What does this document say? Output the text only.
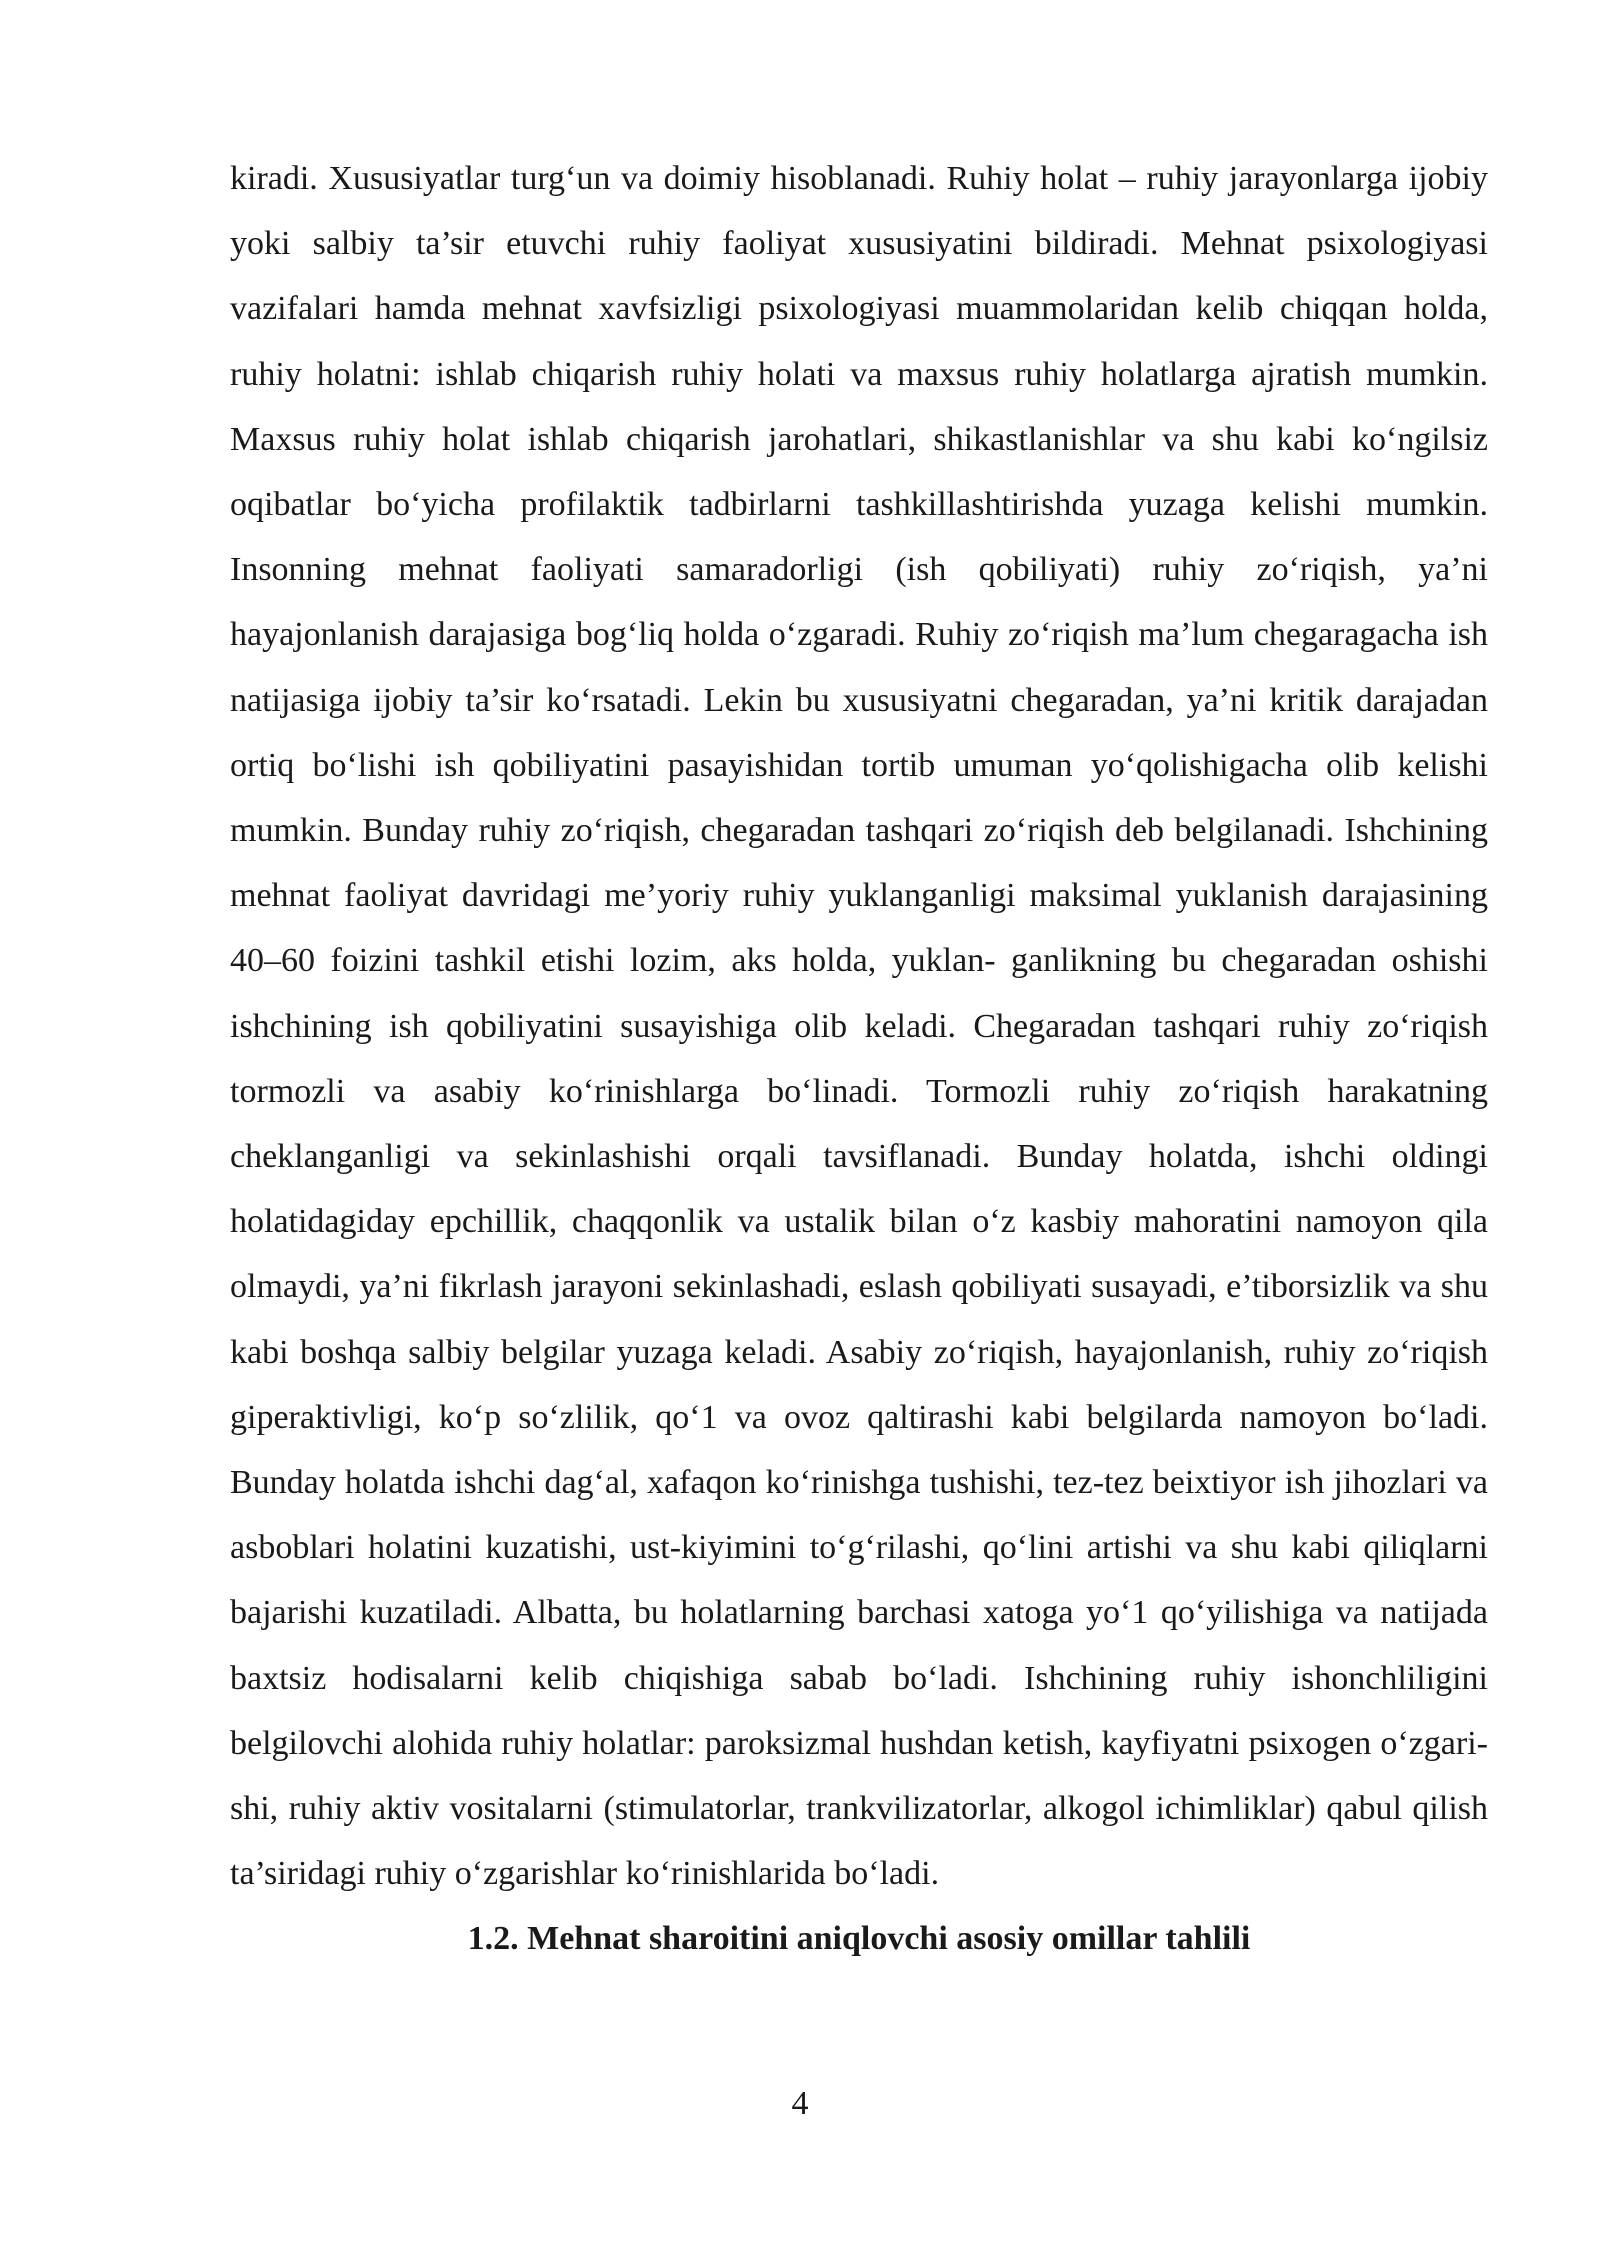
kiradi. Xususiyatlar turg‘un va doimiy hisoblanadi. Ruhiy holat – ruhiy jarayonlarga ijobiy yoki salbiy ta’sir etuvchi ruhiy faoliyat xususiyatini bildiradi. Mehnat psixologiyasi vazifalari hamda mehnat xavfsizligi psixologiyasi muammolaridan kelib chiqqan holda, ruhiy holatni: ishlab chiqarish ruhiy holati va maxsus ruhiy holatlarga ajratish mumkin. Maxsus ruhiy holat ishlab chiqarish jarohatlari, shikastlanishlar va shu kabi ko‘ngilsiz oqibatlar bo‘yicha profilaktik tadbirlarni tashkillashtirishda yuzaga kelishi mumkin. Insonning mehnat faoliyati samaradorligi (ish qobiliyati) ruhiy zo‘riqish, ya’ni hayajonlanish darajasiga bog‘liq holda o‘zgaradi. Ruhiy zo‘riqish ma’lum chegaragacha ish natijasiga ijobiy ta’sir ko‘rsatadi. Lekin bu xususiyatni chegaradan, ya’ni kritik darajadan ortiq bo‘lishi ish qobiliyatini pasayishidan tortib umuman yo‘qolishigacha olib kelishi mumkin. Bunday ruhiy zo‘riqish, chegaradan tashqari zo‘riqish deb belgilanadi. Ishchining mehnat faoliyat davridagi me’yoriy ruhiy yuklanganligi maksimal yuklanish darajasining 40–60 foizini tashkil etishi lozim, aks holda, yuklan- ganlikning bu chegaradan oshishi ishchining ish qobiliyatini susayishiga olib keladi. Chegaradan tashqari ruhiy zo‘riqish tormozli va asabiy ko‘rinishlarga bo‘linadi. Tormozli ruhiy zo‘riqish harakatning cheklanganligi va sekinlashishi orqali tavsiflanadi. Bunday holatda, ishchi oldingi holatidagiday epchillik, chaqqonlik va ustalik bilan o‘z kasbiy mahoratini namoyon qila olmaydi, ya’ni fikrlash jarayoni sekinlashadi, eslash qobiliyati susayadi, e’tiborsizlik va shu kabi boshqa salbiy belgilar yuzaga keladi. Asabiy zo‘riqish, hayajonlanish, ruhiy zo‘riqish giperaktivligi, ko‘p so‘zlilik, qo‘1 va ovoz qaltirashi kabi belgilarda namoyon bo‘ladi. Bunday holatda ishchi dag‘al, xafaqon ko‘rinishga tushishi, tez-tez beixtiyor ish jihozlari va asboblari holatini kuzatishi, ust-kiyimini to‘g‘rilashi, qo‘lini artishi va shu kabi qiliqlarni bajarishi kuzatiladi. Albatta, bu holatlarning barchasi xatoga yo‘1 qo‘yilishiga va natijada baxtsiz hodisalarni kelib chiqishiga sabab bo‘ladi. Ishchining ruhiy ishonchliligini belgilovchi alohida ruhiy holatlar: paroksizmal hushdan ketish, kayfiyatni psixogen o‘zgari-shi, ruhiy aktiv vositalarni (stimulatorlar, trankvilizatorlar, alkogol ichimliklar) qabul qilish ta’siridagi ruhiy o‘zgarishlar ko‘rinishlarida bo‘ladi.

1.2. Mehnat sharoitini aniqlovchi asosiy omillar tahlili
4
